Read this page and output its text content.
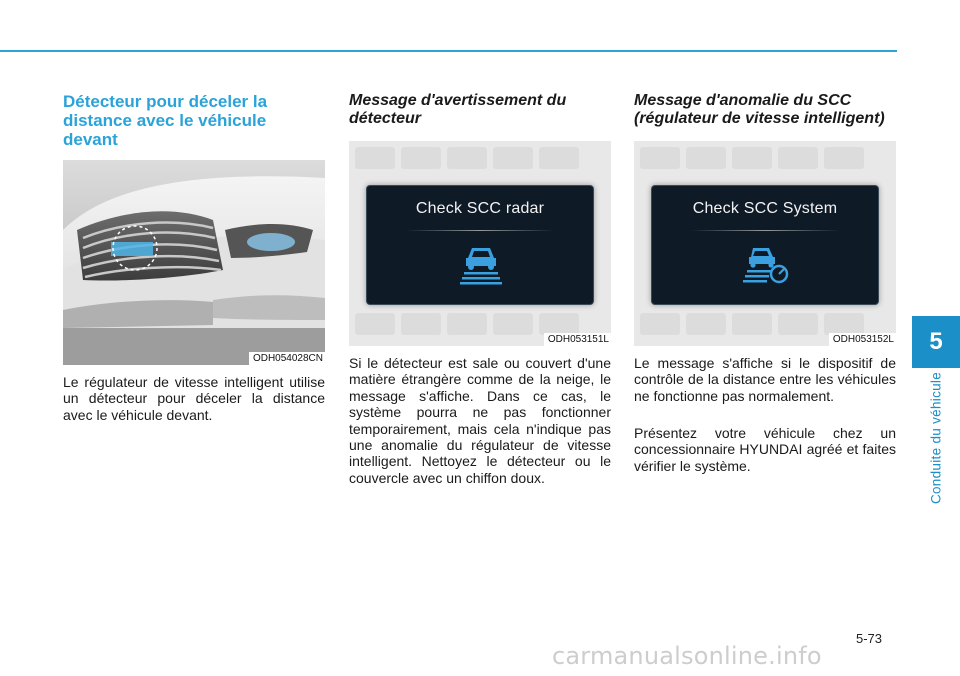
Détecteur pour déceler la distance avec le véhicule devant
ODH054028CN

Le régulateur de vitesse intelligent utilise un détecteur pour déceler la distance avec le véhicule devant.

Message d'avertissement du détecteur
Check SCC radar
ODH053151L

Si le détecteur est sale ou couvert d'une matière étrangère comme de la neige, le message s'affiche. Dans ce cas, le système pourra ne pas fonctionner temporairement, mais cela n'indique pas une anomalie du régulateur de vitesse intelligent. Nettoyez le détecteur ou le couvercle avec un chiffon doux.

Message d'anomalie du SCC (régulateur de vitesse intelligent)
Check SCC System
ODH053152L

Le message s'affiche si le dispositif de contrôle de la distance entre les véhicules ne fonctionne pas normalement.

Présentez votre véhicule chez un concessionnaire HYUNDAI agréé et faites vérifier le système.

5
Conduite du véhicule
5-73
carmanualsonline.info
